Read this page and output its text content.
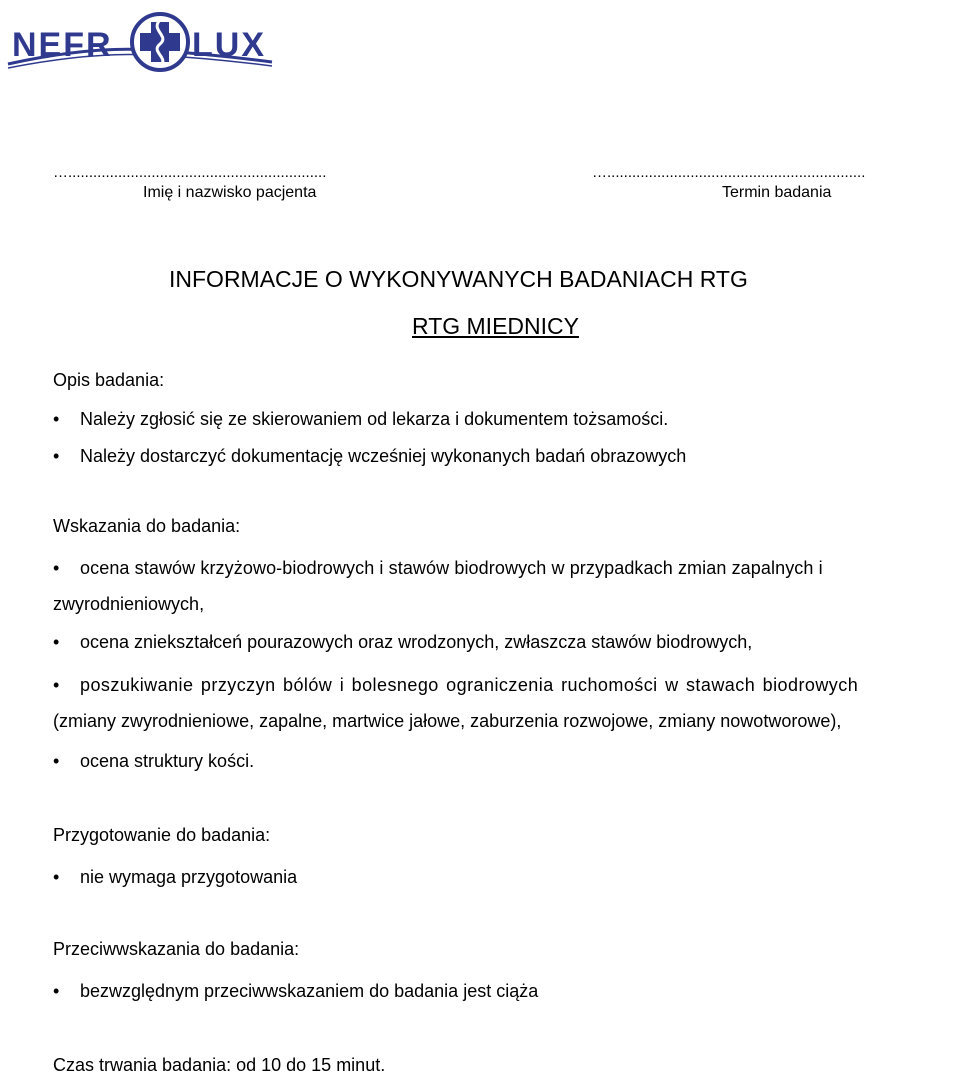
NEFR LUX
…..............................................................
Imię i nazwisko pacjenta
…..............................................................
Termin badania
INFORMACJE O WYKONYWANYCH BADANIACH RTG
RTG MIEDNICY
Opis badania:
• Należy zgłosić się ze skierowaniem od lekarza i dokumentem tożsamości.
• Należy dostarczyć dokumentację wcześniej wykonanych badań obrazowych
Wskazania do badania:
• ocena stawów krzyżowo-biodrowych i stawów biodrowych w przypadkach zmian zapalnych i
zwyrodnieniowych,
• ocena zniekształceń pourazowych oraz wrodzonych, zwłaszcza stawów biodrowych,
• poszukiwanie przyczyn bólów i bolesnego ograniczenia ruchomości w stawach biodrowych
(zmiany zwyrodnieniowe, zapalne, martwice jałowe, zaburzenia rozwojowe, zmiany nowotworowe),
• ocena struktury kości.
Przygotowanie do badania:
• nie wymaga przygotowania
Przeciwwskazania do badania:
• bezwzględnym przeciwwskazaniem do badania jest ciąża
Czas trwania badania: od 10 do 15 minut.
